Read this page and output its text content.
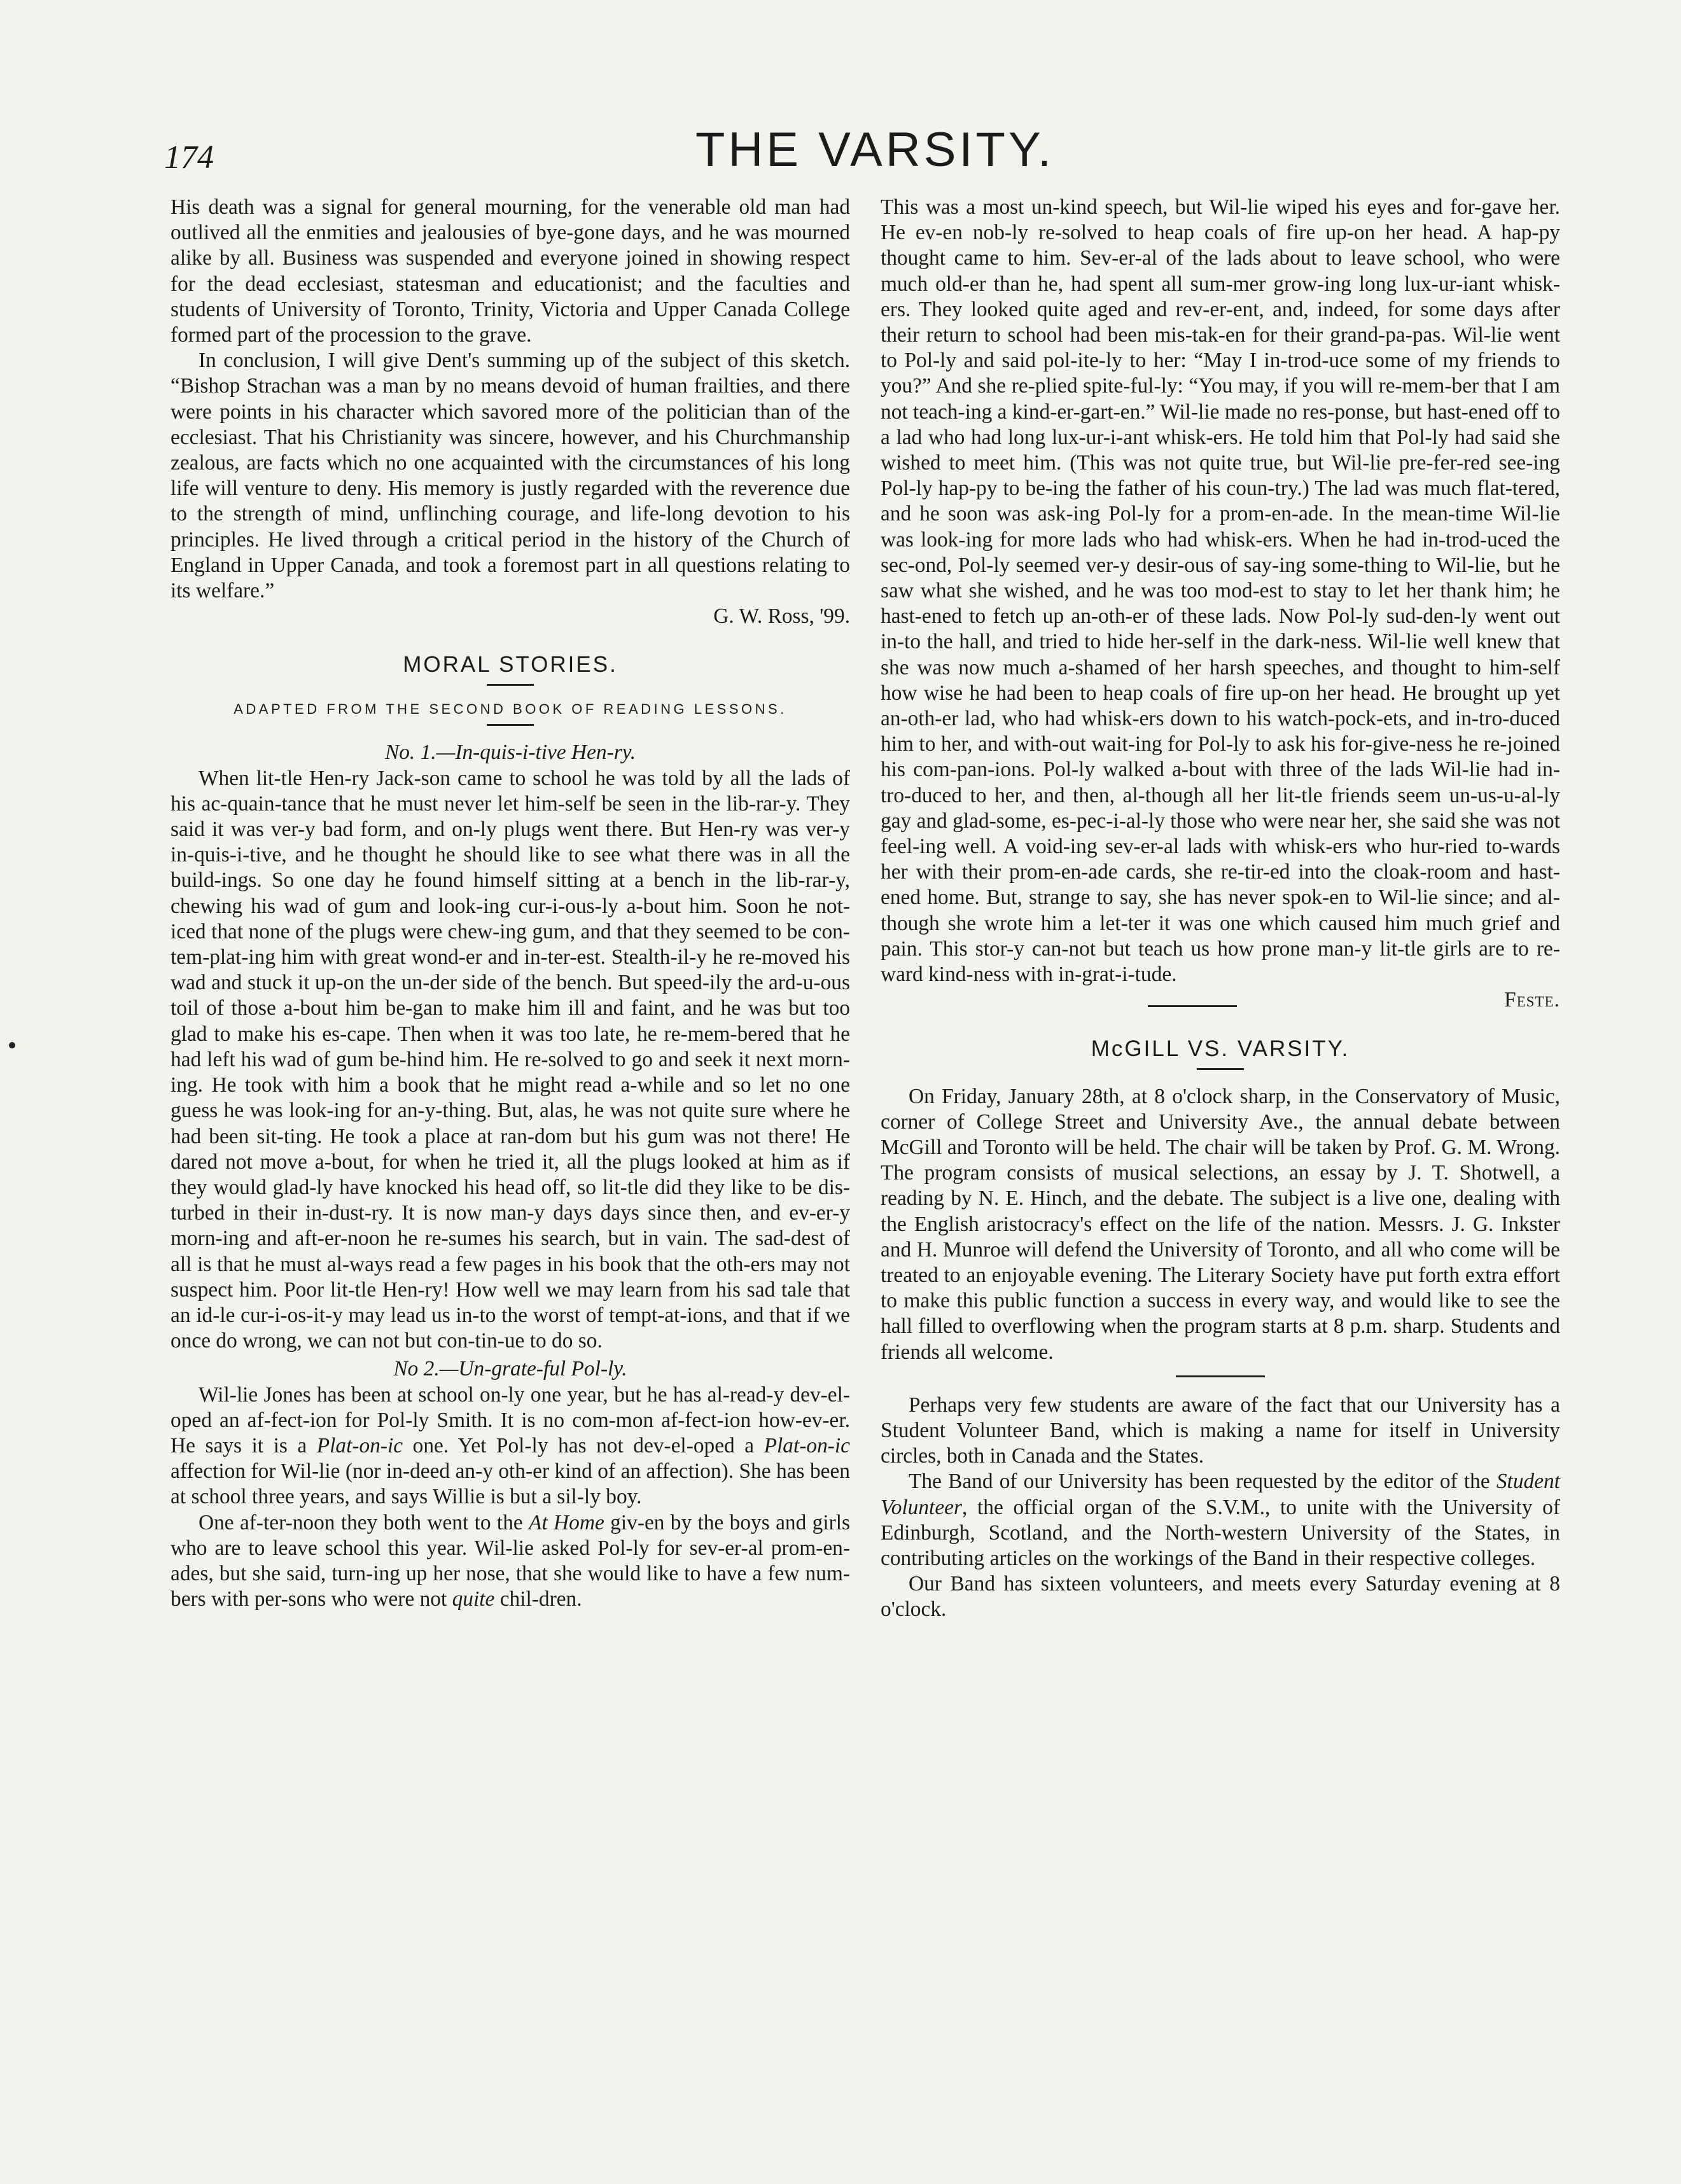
174	THE VARSITY.

His death was a signal for general mourning, for the venerable old man had outlived all the enmities and jealousies of bye-gone days, and he was mourned alike by all. Business was suspended and everyone joined in showing respect for the dead ecclesiast, statesman and educationist; and the faculties and students of University of Toronto, Trinity, Victoria and Upper Canada College formed part of the procession to the grave.

In conclusion, I will give Dent's summing up of the subject of this sketch. “Bishop Strachan was a man by no means devoid of human frailties, and there were points in his character which savored more of the politician than of the ecclesiast. That his Christianity was sincere, however, and his Churchmanship zealous, are facts which no one acquainted with the circumstances of his long life will venture to deny. His memory is justly regarded with the reverence due to the strength of mind, unflinching courage, and life-long devotion to his principles. He lived through a critical period in the history of the Church of England in Upper Canada, and took a foremost part in all questions relating to its welfare.”

G. W. Ross, '99.
MORAL STORIES.
ADAPTED FROM THE SECOND BOOK OF READING LESSONS.
No. 1.—In-quis-i-tive Hen-ry.

When lit-tle Hen-ry Jack-son came to school he was told by all the lads of his ac-quain-tance that he must never let him-self be seen in the lib-rar-y. They said it was ver-y bad form, and on-ly plugs went there. But Hen-ry was ver-y in-quis-i-tive, and he thought he should like to see what there was in all the build-ings. So one day he found himself sitting at a bench in the lib-rar-y, chewing his wad of gum and look-ing cur-i-ous-ly a-bout him. Soon he not-iced that none of the plugs were chew-ing gum, and that they seemed to be con-tem-plat-ing him with great wond-er and in-ter-est. Stealth-il-y he re-moved his wad and stuck it up-on the un-der side of the bench. But speed-ily the ard-u-ous toil of those a-bout him be-gan to make him ill and faint, and he was but too glad to make his es-cape. Then when it was too late, he re-mem-bered that he had left his wad of gum be-hind him. He re-solved to go and seek it next morn-ing. He took with him a book that he might read a-while and so let no one guess he was look-ing for an-y-thing. But, alas, he was not quite sure where he had been sit-ting. He took a place at ran-dom but his gum was not there! He dared not move a-bout, for when he tried it, all the plugs looked at him as if they would glad-ly have knocked his head off, so lit-tle did they like to be dis-turbed in their in-dust-ry. It is now man-y days days since then, and ev-er-y morn-ing and aft-er-noon he re-sumes his search, but in vain. The sad-dest of all is that he must al-ways read a few pages in his book that the oth-ers may not suspect him. Poor lit-tle Hen-ry! How well we may learn from his sad tale that an id-le cur-i-os-it-y may lead us in-to the worst of tempt-at-ions, and that if we once do wrong, we can not but con-tin-ue to do so.

No 2.—Un-grate-ful Pol-ly.

Wil-lie Jones has been at school on-ly one year, but he has al-read-y dev-el-oped an af-fect-ion for Pol-ly Smith. It is no com-mon af-fect-ion how-ev-er. He says it is a Plat-on-ic one. Yet Pol-ly has not dev-el-oped a Plat-on-ic affection for Wil-lie (nor in-deed an-y oth-er kind of an affection). She has been at school three years, and says Willie is but a sil-ly boy.

One af-ter-noon they both went to the At Home giv-en by the boys and girls who are to leave school this year. Wil-lie asked Pol-ly for sev-er-al prom-en-ades, but she said, turn-ing up her nose, that she would like to have a few num-bers with per-sons who were not quite chil-dren.

This was a most un-kind speech, but Wil-lie wiped his eyes and for-gave her. He ev-en nob-ly re-solved to heap coals of fire up-on her head. A hap-py thought came to him. Sev-er-al of the lads about to leave school, who were much old-er than he, had spent all sum-mer grow-ing long lux-ur-iant whisk-ers. They looked quite aged and rev-er-ent, and, indeed, for some days after their return to school had been mis-tak-en for their grand-pa-pas. Wil-lie went to Pol-ly and said pol-ite-ly to her: “May I in-trod-uce some of my friends to you?” And she re-plied spite-ful-ly: “You may, if you will re-mem-ber that I am not teach-ing a kind-er-gart-en.” Wil-lie made no res-ponse, but hast-ened off to a lad who had long lux-ur-i-ant whisk-ers. He told him that Pol-ly had said she wished to meet him. (This was not quite true, but Wil-lie pre-fer-red see-ing Pol-ly hap-py to be-ing the father of his coun-try.) The lad was much flat-tered, and he soon was ask-ing Pol-ly for a prom-en-ade. In the mean-time Wil-lie was look-ing for more lads who had whisk-ers. When he had in-trod-uced the sec-ond, Pol-ly seemed ver-y desir-ous of say-ing some-thing to Wil-lie, but he saw what she wished, and he was too mod-est to stay to let her thank him; he hast-ened to fetch up an-oth-er of these lads. Now Pol-ly sud-den-ly went out in-to the hall, and tried to hide her-self in the dark-ness. Wil-lie well knew that she was now much a-shamed of her harsh speeches, and thought to him-self how wise he had been to heap coals of fire up-on her head. He brought up yet an-oth-er lad, who had whisk-ers down to his watch-pock-ets, and in-tro-duced him to her, and with-out wait-ing for Pol-ly to ask his for-give-ness he re-joined his com-pan-ions. Pol-ly walked a-bout with three of the lads Wil-lie had in-tro-duced to her, and then, al-though all her lit-tle friends seem un-us-u-al-ly gay and glad-some, es-pec-i-al-ly those who were near her, she said she was not feel-ing well. A void-ing sev-er-al lads with whisk-ers who hur-ried to-wards her with their prom-en-ade cards, she re-tir-ed into the cloak-room and hast-ened home. But, strange to say, she has never spok-en to Wil-lie since; and al-though she wrote him a let-ter it was one which caused him much grief and pain. This stor-y can-not but teach us how prone man-y lit-tle girls are to re-ward kind-ness with in-grat-i-tude.

Feste.
McGILL VS. VARSITY.

On Friday, January 28th, at 8 o'clock sharp, in the Conservatory of Music, corner of College Street and University Ave., the annual debate between McGill and Toronto will be held. The chair will be taken by Prof. G. M. Wrong. The program consists of musical selections, an essay by J. T. Shotwell, a reading by N. E. Hinch, and the debate. The subject is a live one, dealing with the English aristocracy's effect on the life of the nation. Messrs. J. G. Inkster and H. Munroe will defend the University of Toronto, and all who come will be treated to an enjoyable evening. The Literary Society have put forth extra effort to make this public function a success in every way, and would like to see the hall filled to overflowing when the program starts at 8 p.m. sharp. Students and friends all welcome.

Perhaps very few students are aware of the fact that our University has a Student Volunteer Band, which is making a name for itself in University circles, both in Canada and the States.

The Band of our University has been requested by the editor of the Student Volunteer, the official organ of the S.V.M., to unite with the University of Edinburgh, Scotland, and the North-western University of the States, in contributing articles on the workings of the Band in their respective colleges.

Our Band has sixteen volunteers, and meets every Saturday evening at 8 o'clock.
